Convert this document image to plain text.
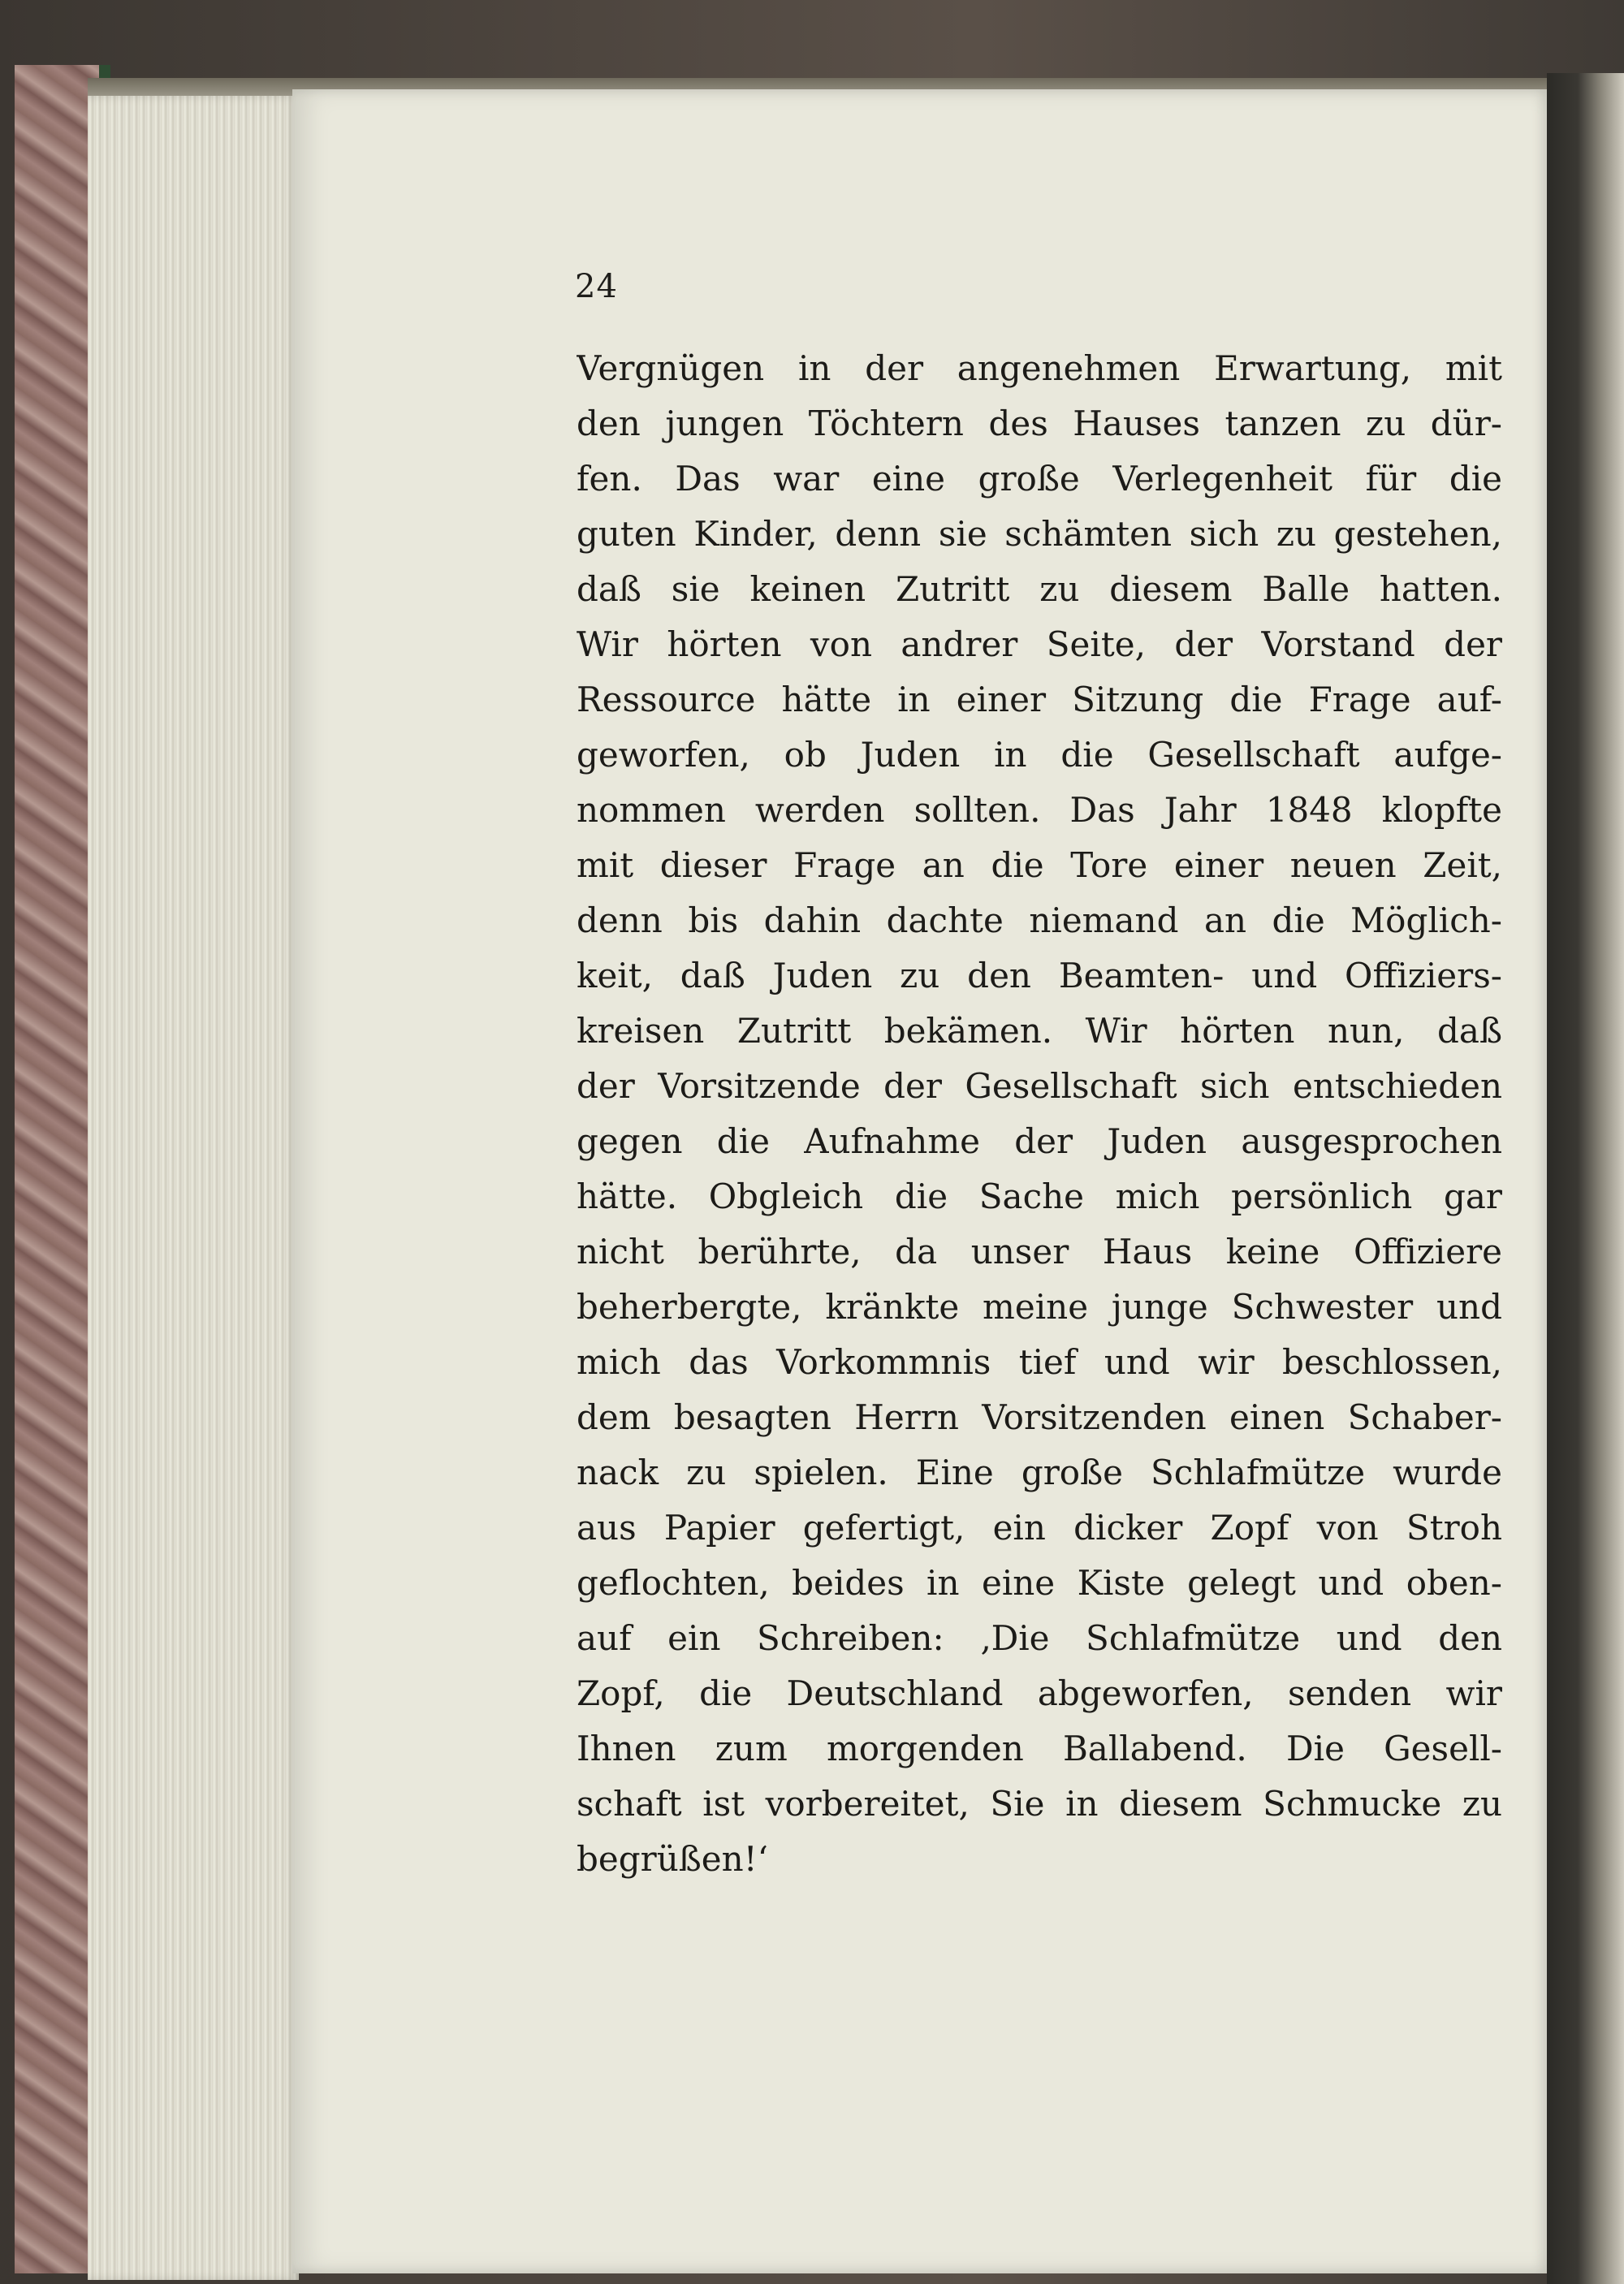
24
Vergnügen in der angenehmen Erwartung, mit
den jungen Töchtern des Hauses tanzen zu dür-
fen. Das war eine große Verlegenheit für die
guten Kinder, denn sie schämten sich zu gestehen,
daß sie keinen Zutritt zu diesem Balle hatten.
Wir hörten von andrer Seite, der Vorstand der
Ressource hätte in einer Sitzung die Frage auf-
geworfen, ob Juden in die Gesellschaft aufge-
nommen werden sollten. Das Jahr 1848 klopfte
mit dieser Frage an die Tore einer neuen Zeit,
denn bis dahin dachte niemand an die Möglich-
keit, daß Juden zu den Beamten- und Offiziers-
kreisen Zutritt bekämen. Wir hörten nun, daß
der Vorsitzende der Gesellschaft sich entschieden
gegen die Aufnahme der Juden ausgesprochen
hätte. Obgleich die Sache mich persönlich gar
nicht berührte, da unser Haus keine Offiziere
beherbergte, kränkte meine junge Schwester und
mich das Vorkommnis tief und wir beschlossen,
dem besagten Herrn Vorsitzenden einen Schaber-
nack zu spielen. Eine große Schlafmütze wurde
aus Papier gefertigt, ein dicker Zopf von Stroh
geflochten, beides in eine Kiste gelegt und oben-
auf ein Schreiben: ‚Die Schlafmütze und den
Zopf, die Deutschland abgeworfen, senden wir
Ihnen zum morgenden Ballabend. Die Gesell-
schaft ist vorbereitet, Sie in diesem Schmucke zu
begrüßen!‘
